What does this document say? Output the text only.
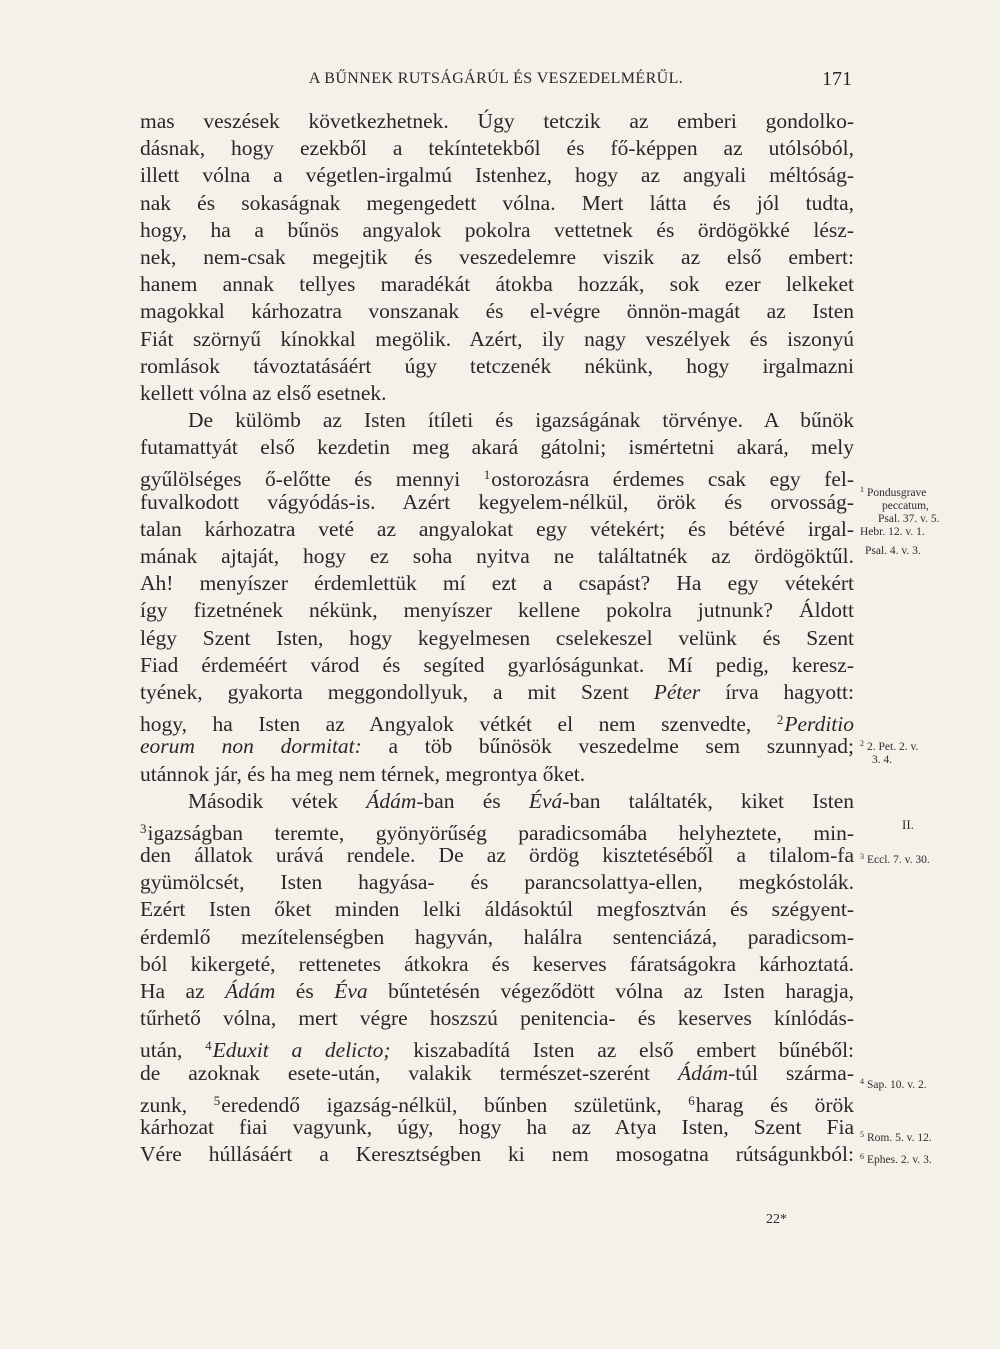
A BŰNNEK RUTSÁGÁRÚL ÉS VESZEDELMÉRŰL.	171
mas veszések következhetnek. Úgy tetczik az emberi gondolko-
dásnak, hogy ezekből a tekíntetekből és fő-képpen az utólsóból,
illett vólna a végetlen-irgalmú Istenhez, hogy az angyali méltóság-
nak és sokaságnak megengedett vólna. Mert látta és jól tudta,
hogy, ha a bűnös angyalok pokolra vettetnek és ördögökké lész-
nek, nem-csak megejtik és veszedelemre viszik az első embert:
hanem annak tellyes maradékát átokba hozzák, sok ezer lelkeket
magokkal kárhozatra vonszanak és el-végre önnön-magát az Isten
Fiát szörnyű kínokkal megölik. Azért, ily nagy veszélyek és iszonyú
romlások távoztatásáért úgy tetczenék nékünk, hogy irgalmazni
kellett vólna az első esetnek.
De külömb az Isten ítíleti és igazságának törvénye. A bűnök
futamattyát első kezdetin meg akará gátolni; ismértetni akará, mely
gyűlölséges ő-előtte és mennyi $^1$ostorozásra érdemes csak egy fel-
fuvalkodott vágyódás-is. Azért kegyelem-nélkül, örök és orvosság-
talan kárhozatra veté az angyalokat egy vétekért; és bétévé irgal-
mának ajtaját, hogy ez soha nyitva ne találtatnék az ördögöktűl.
Ah! menyíszer érdemlettük mí ezt a csapást? Ha egy vétekért
így fizetnének nékünk, menyíszer kellene pokolra jutnunk? Áldott
légy Szent Isten, hogy kegyelmesen cselekeszel velünk és Szent
Fiad érdeméért várod és segíted gyarlóságunkat. Mí pedig, keresz-
tyének, gyakorta meggondollyuk, a mit Szent Péter írva hagyott:
hogy, ha Isten az Angyalok vétkét el nem szenvedte, $^2$Perditio
eorum non dormitat: a töb bűnösök veszedelme sem szunnyad;
utánnok jár, és ha meg nem térnek, megrontya őket.
Második vétek Ádám-ban és Évá-ban találtaték, kiket Isten
$^3$igazságban teremte, gyönyörűség paradicsomába helyheztete, min-
den állatok urává rendele. De az ördög kisztetéséből a tilalom-fa
gyümölcsét, Isten hagyása- és parancsolattya-ellen, megkóstolák.
Ezért Isten őket minden lelki áldásoktúl megfosztván és szégyent-
érdemlő mezítelenségben hagyván, halálra sentenciázá, paradicsom-
ból kikergeté, rettenetes átkokra és keserves fáratságokra kárhoztatá.
Ha az Ádám és Éva bűntetésén végeződött vólna az Isten haragja,
tűrhető vólna, mert végre hoszszú penitencia- és keserves kínlódás-
után, $^4$Eduxit a delicto; kiszabadítá Isten az első embert bűnéből:
de azoknak esete-után, valakik természet-szerént Ádám-túl szárma-
zunk, $^5$eredendő igazság-nélkül, bűnben születünk, $^6$harag és örök
kárhozat fiai vagyunk, úgy, hogy ha az Atya Isten, Szent Fia
Vére húllásáért a Keresztségben ki nem mosogatna rútságunkból:
$^1$ Pondusgrave
peccatum,
Psal. 37. v. 5.
Hebr. 12. v. 1.
Psal. 4. v. 3.
$^2$ 2. Pet. 2. v.
3. 4.
II.
$^3$ Eccl. 7. v. 30.
$^4$ Sap. 10. v. 2.
$^5$ Rom. 5. v. 12.
$^6$ Ephes. 2. v. 3.
22*
